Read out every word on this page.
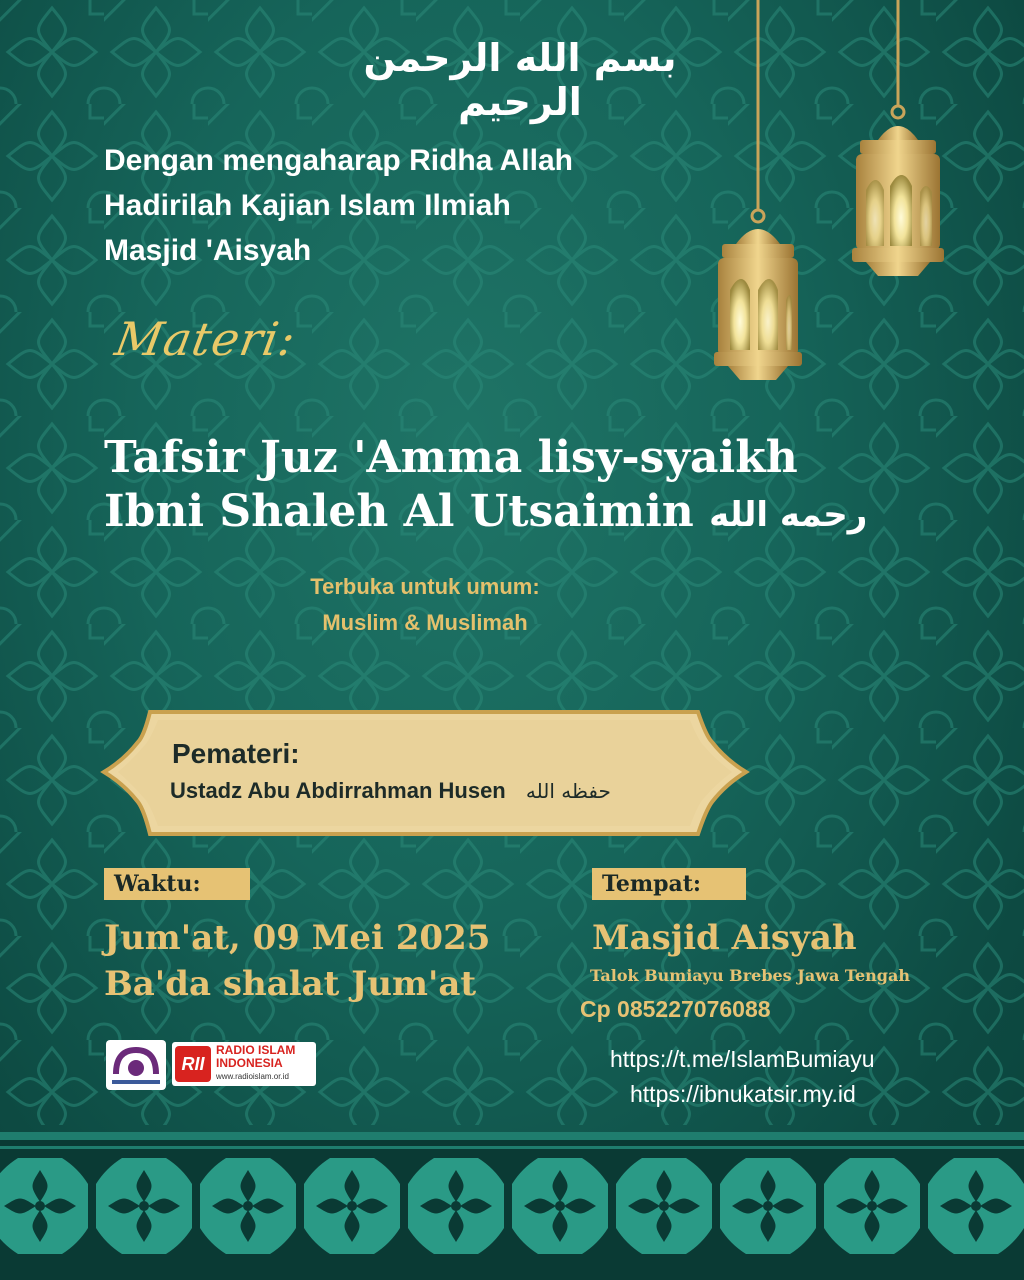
بسم الله الرحمن الرحيم
Dengan mengaharap Ridha Allah
Hadirilah Kajian Islam Ilmiah
Masjid 'Aisyah
Materi:
Tafsir Juz 'Amma lisy-syaikh
Ibni Shaleh Al Utsaimin رحمه الله
Terbuka untuk umum:
Muslim & Muslimah
Pemateri:
Ustadz Abu Abdirrahman Husen حفظه الله
Waktu:
Jum'at, 09 Mei 2025
Ba'da shalat Jum'at
Tempat:
Masjid Aisyah
Talok Bumiayu Brebes Jawa Tengah
Cp 085227076088
https://t.me/IslamBumiayu
https://ibnukatsir.my.id
RII
RADIO ISLAM
INDONESIA
www.radioislam.or.id
